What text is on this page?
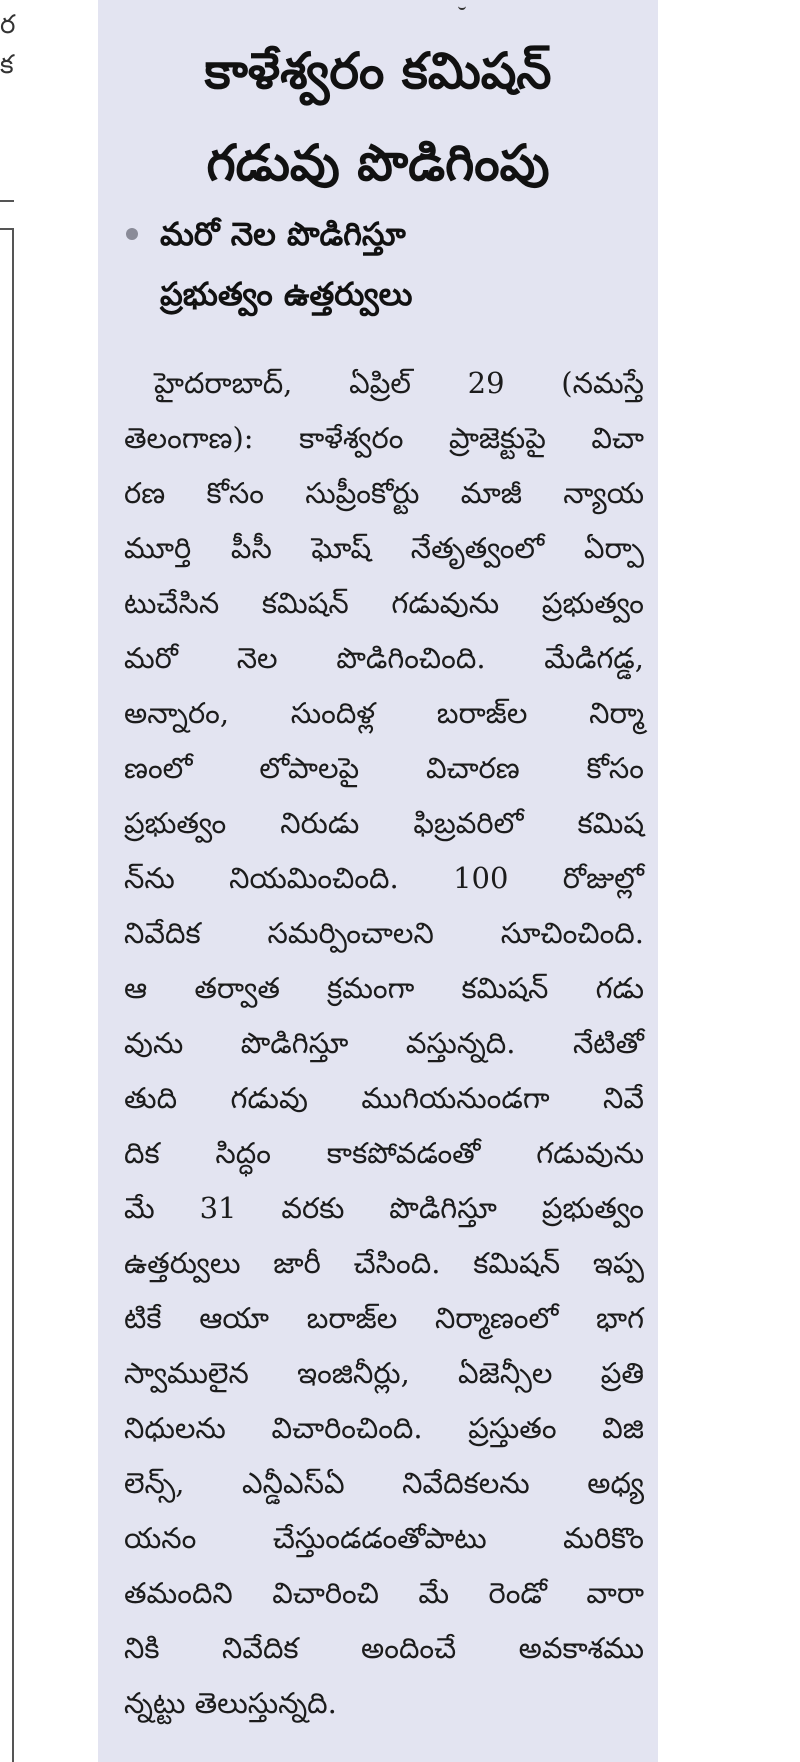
ర
క	కాళేశ్వరం కమిషన్
గడువు పొడిగింపు
మరో నెల పొడిగిస్తూ
ప్రభుత్వం ఉత్తర్వులు
హైదరాబాద్, ఏప్రిల్ 29 (నమస్తే
తెలంగాణ): కాళేశ్వరం ప్రాజెక్టుపై విచా
రణ కోసం సుప్రీంకోర్టు మాజీ న్యాయ
మూర్తి పీసీ ఘోష్ నేతృత్వంలో ఏర్పా
టుచేసిన కమిషన్ గడువును ప్రభుత్వం
మరో నెల పొడిగించింది. మేడిగడ్డ,
అన్నారం, సుందిళ్ల బరాజ్‌ల నిర్మా
ణంలో లోపాలపై విచారణ కోసం
ప్రభుత్వం నిరుడు ఫిబ్రవరిలో కమిష
న్‌ను నియమించింది. 100 రోజుల్లో
నివేదిక సమర్పించాలని సూచించింది.
ఆ తర్వాత క్రమంగా కమిషన్ గడు
వును పొడిగిస్తూ వస్తున్నది. నేటితో
తుది గడువు ముగియనుండగా నివే
దిక సిద్ధం కాకపోవడంతో గడువును
మే 31 వరకు పొడిగిస్తూ ప్రభుత్వం
ఉత్తర్వులు జారీ చేసింది. కమిషన్ ఇప్ప
టికే ఆయా బరాజ్‌ల నిర్మాణంలో భాగ
స్వాములైన ఇంజినీర్లు, ఏజెన్సీల ప్రతి
నిధులను విచారించింది. ప్రస్తుతం విజి
లెన్స్, ఎన్డీఎస్ఏ నివేదికలను అధ్య
యనం చేస్తుండడంతోపాటు మరికొం
తమందిని విచారించి మే రెండో వారా
నికి నివేదిక అందించే అవకాశము
న్నట్టు తెలుస్తున్నది.
